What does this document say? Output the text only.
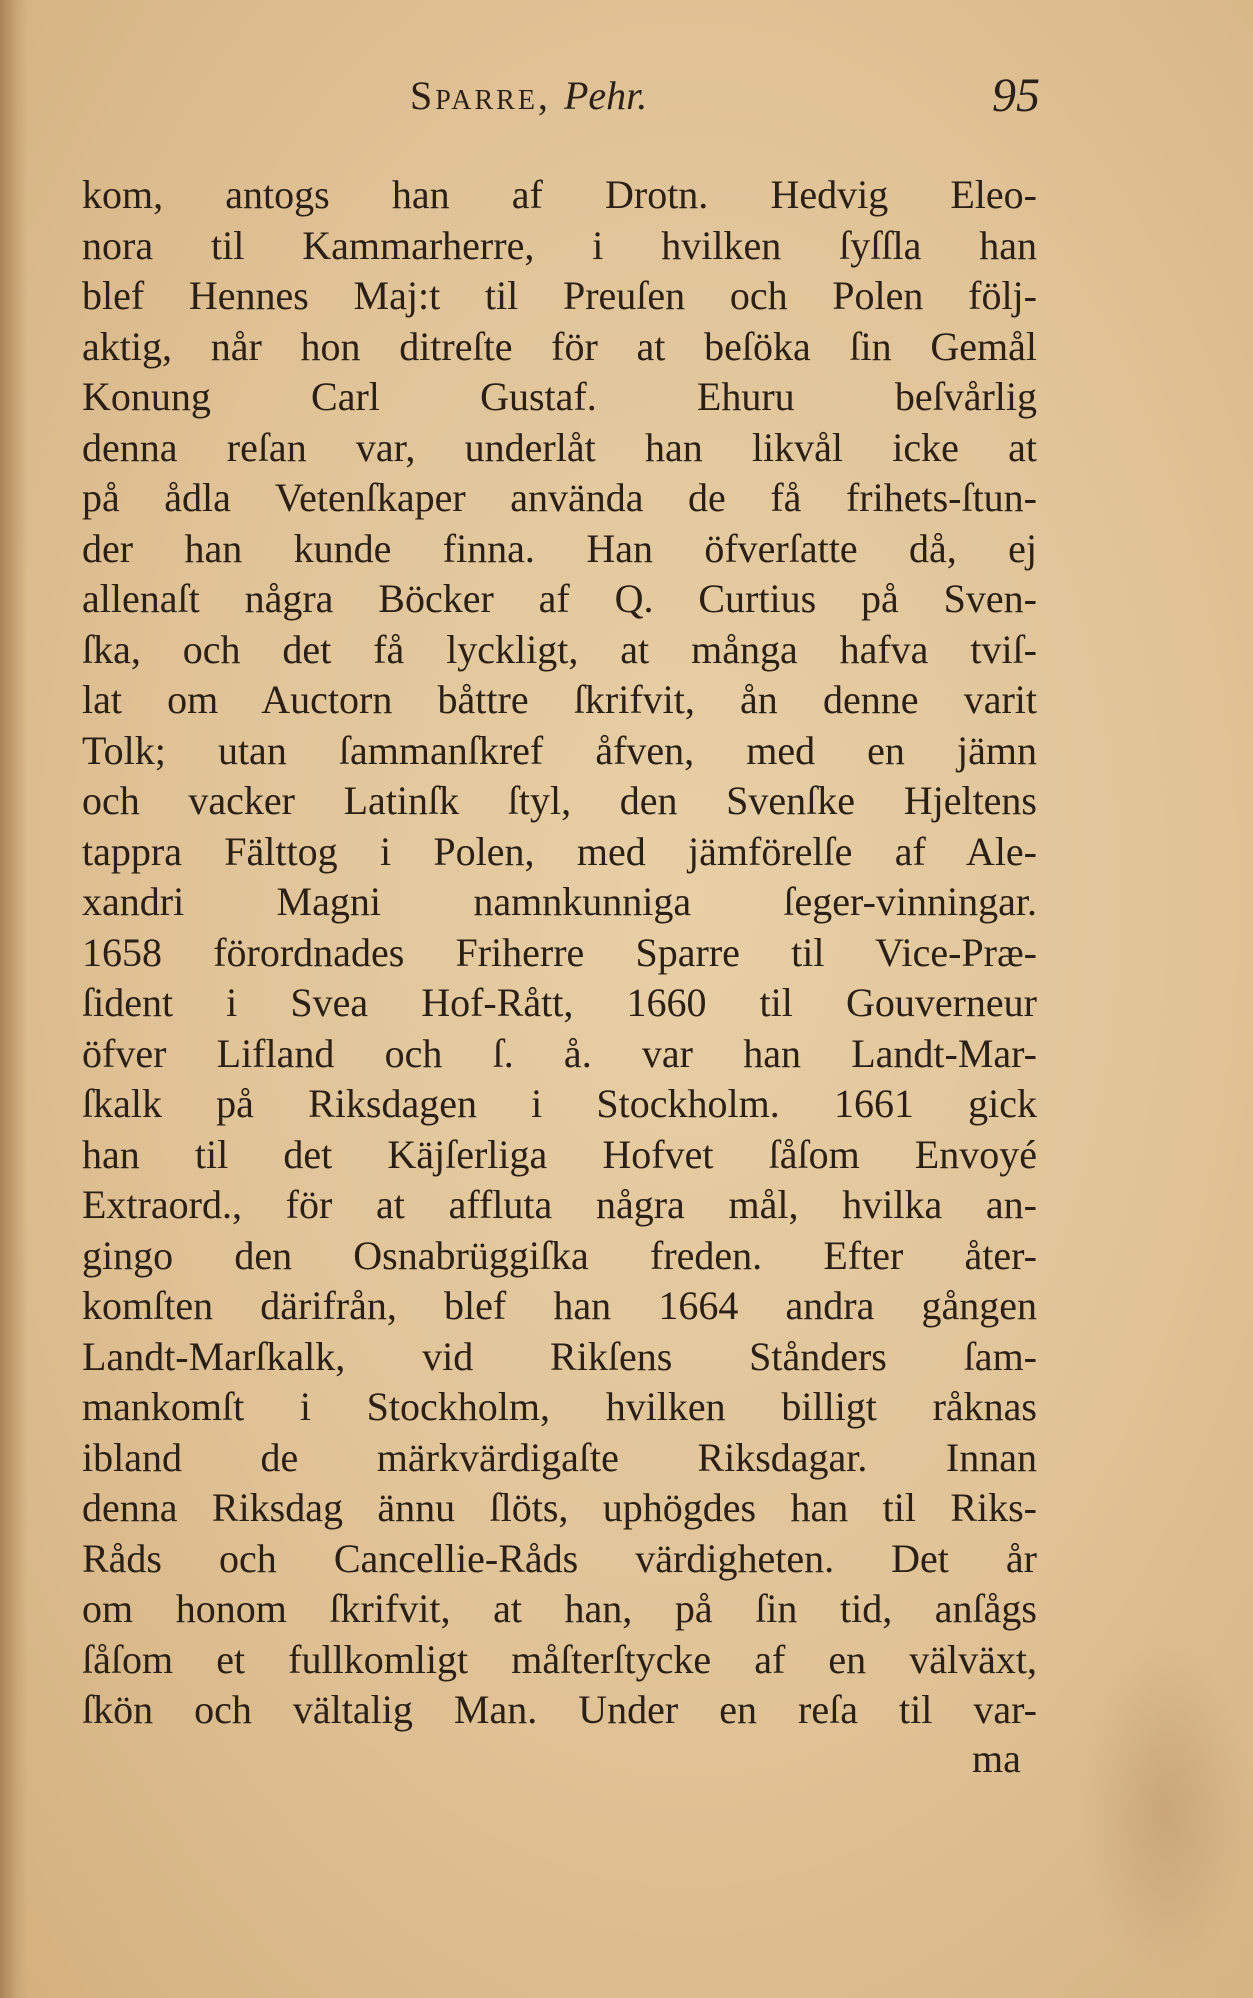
Sparre, Pehr.	95
kom, antogs han af Drotn. Hedvig Eleo-
nora til Kammarherre, i hvilken ſyſſla han
blef Hennes Maj:t til Preuſen och Polen följ-
aktig, når hon ditreſte för at beſöka ſin Gemål
Konung Carl Gustaf. Ehuru beſvårlig
denna reſan var, underlåt han likvål icke at
på ådla Vetenſkaper använda de få frihets-ſtun-
der han kunde finna. Han öfverſatte då, ej
allenaſt några Böcker af Q. Curtius på Sven-
ſka, och det få lyckligt, at många hafva tviſ-
lat om Auctorn båttre ſkrifvit, ån denne varit
Tolk; utan ſammanſkref åfven, med en jämn
och vacker Latinſk ſtyl, den Svenſke Hjeltens
tappra Fälttog i Polen, med jämförelſe af Ale-
xandri Magni namnkunniga ſeger-vinningar.
1658 förordnades Friherre Sparre til Vice-Præ-
ſident i Svea Hof-Rått, 1660 til Gouverneur
öfver Lifland och ſ. å. var han Landt-Mar-
ſkalk på Riksdagen i Stockholm. 1661 gick
han til det Käjſerliga Hofvet ſåſom Envoyé
Extraord., för at affluta några mål, hvilka an-
gingo den Osnabrüggiſka freden. Efter åter-
komſten därifrån, blef han 1664 andra gången
Landt-Marſkalk, vid Rikſens Stånders ſam-
mankomſt i Stockholm, hvilken billigt råknas
ibland de märkvärdigaſte Riksdagar. Innan
denna Riksdag ännu ſlöts, uphögdes han til Riks-
Råds och Cancellie-Råds värdigheten. Det år
om honom ſkrifvit, at han, på ſin tid, anſågs
ſåſom et fullkomligt måſterſtycke af en välväxt,
ſkön och vältalig Man. Under en reſa til var-
ma
